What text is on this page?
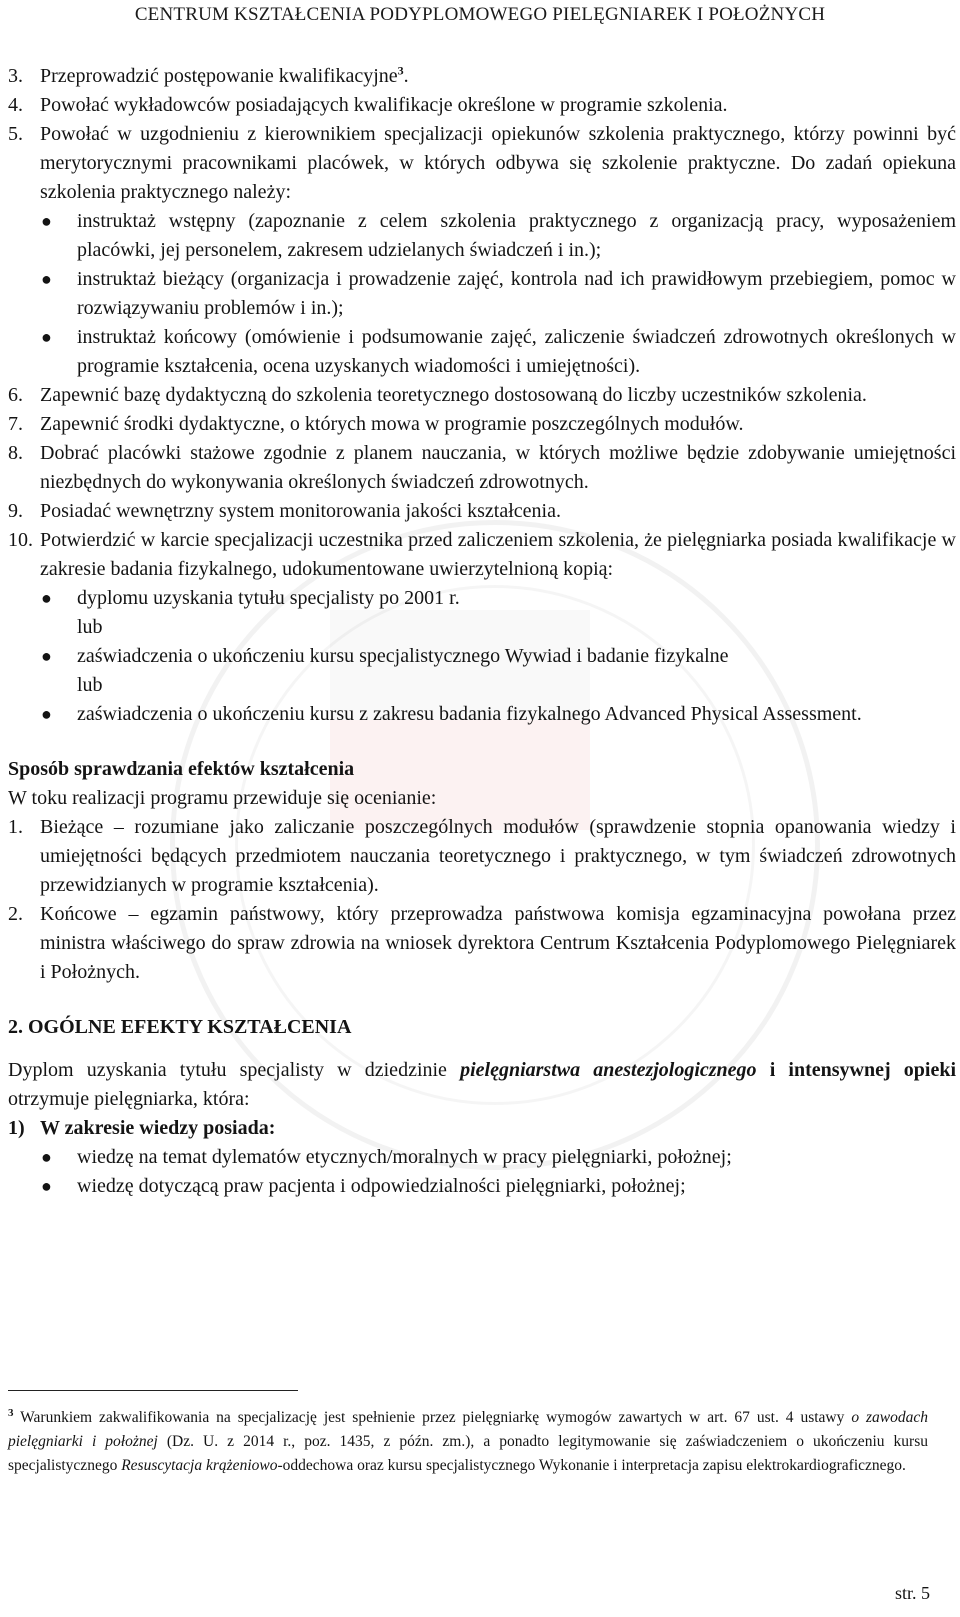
CENTRUM KSZTAŁCENIA PODYPLOMOWEGO PIELĘGNIAREK I POŁOŻNYCH
3. Przeprowadzić postępowanie kwalifikacyjne$^3$.
4. Powołać wykładowców posiadających kwalifikacje określone w programie szkolenia.
5. Powołać w uzgodnieniu z kierownikiem specjalizacji opiekunów szkolenia praktycznego, którzy powinni być merytorycznymi pracownikami placówek, w których odbywa się szkolenie praktyczne. Do zadań opiekuna szkolenia praktycznego należy:
● instruktaż wstępny (zapoznanie z celem szkolenia praktycznego z organizacją pracy, wyposażeniem placówki, jej personelem, zakresem udzielanych świadczeń i in.);
● instruktaż bieżący (organizacja i prowadzenie zajęć, kontrola nad ich prawidłowym przebiegiem, pomoc w rozwiązywaniu problemów i in.);
● instruktaż końcowy (omówienie i podsumowanie zajęć, zaliczenie świadczeń zdrowotnych określonych w programie kształcenia, ocena uzyskanych wiadomości i umiejętności).
6. Zapewnić bazę dydaktyczną do szkolenia teoretycznego dostosowaną do liczby uczestników szkolenia.
7. Zapewnić środki dydaktyczne, o których mowa w programie poszczególnych modułów.
8. Dobrać placówki stażowe zgodnie z planem nauczania, w których możliwe będzie zdobywanie umiejętności niezbędnych do wykonywania określonych świadczeń zdrowotnych.
9. Posiadać wewnętrzny system monitorowania jakości kształcenia.
10. Potwierdzić w karcie specjalizacji uczestnika przed zaliczeniem szkolenia, że pielęgniarka posiada kwalifikacje w zakresie badania fizykalnego, udokumentowane uwierzytelnioną kopią:
● dyplomu uzyskania tytułu specjalisty po 2001 r.
lub
● zaświadczenia o ukończeniu kursu specjalistycznego Wywiad i badanie fizykalne
lub
● zaświadczenia o ukończeniu kursu z zakresu badania fizykalnego Advanced Physical Assessment.
Sposób sprawdzania efektów kształcenia
W toku realizacji programu przewiduje się ocenianie:
1. Bieżące – rozumiane jako zaliczanie poszczególnych modułów (sprawdzenie stopnia opanowania wiedzy i umiejętności będących przedmiotem nauczania teoretycznego i praktycznego, w tym świadczeń zdrowotnych przewidzianych w programie kształcenia).
2. Końcowe – egzamin państwowy, który przeprowadza państwowa komisja egzaminacyjna powołana przez ministra właściwego do spraw zdrowia na wniosek dyrektora Centrum Kształcenia Podyplomowego Pielęgniarek i Położnych.
2. OGÓLNE EFEKTY KSZTAŁCENIA
Dyplom uzyskania tytułu specjalisty w dziedzinie pielęgniarstwa anestezjologicznego i intensywnej opieki otrzymuje pielęgniarka, która:
1) W zakresie wiedzy posiada:
● wiedzę na temat dylematów etycznych/moralnych w pracy pielęgniarki, położnej;
● wiedzę dotyczącą praw pacjenta i odpowiedzialności pielęgniarki, położnej;
$^3$ Warunkiem zakwalifikowania na specjalizację jest spełnienie przez pielęgniarkę wymogów zawartych w art. 67 ust. 4 ustawy o zawodach pielęgniarki i położnej (Dz. U. z 2014 r., poz. 1435, z późn. zm.), a ponadto legitymowanie się zaświadczeniem o ukończeniu kursu specjalistycznego Resuscytacja krążeniowo-oddechowa oraz kursu specjalistycznego Wykonanie i interpretacja zapisu elektrokardiograficznego.
str. 5
